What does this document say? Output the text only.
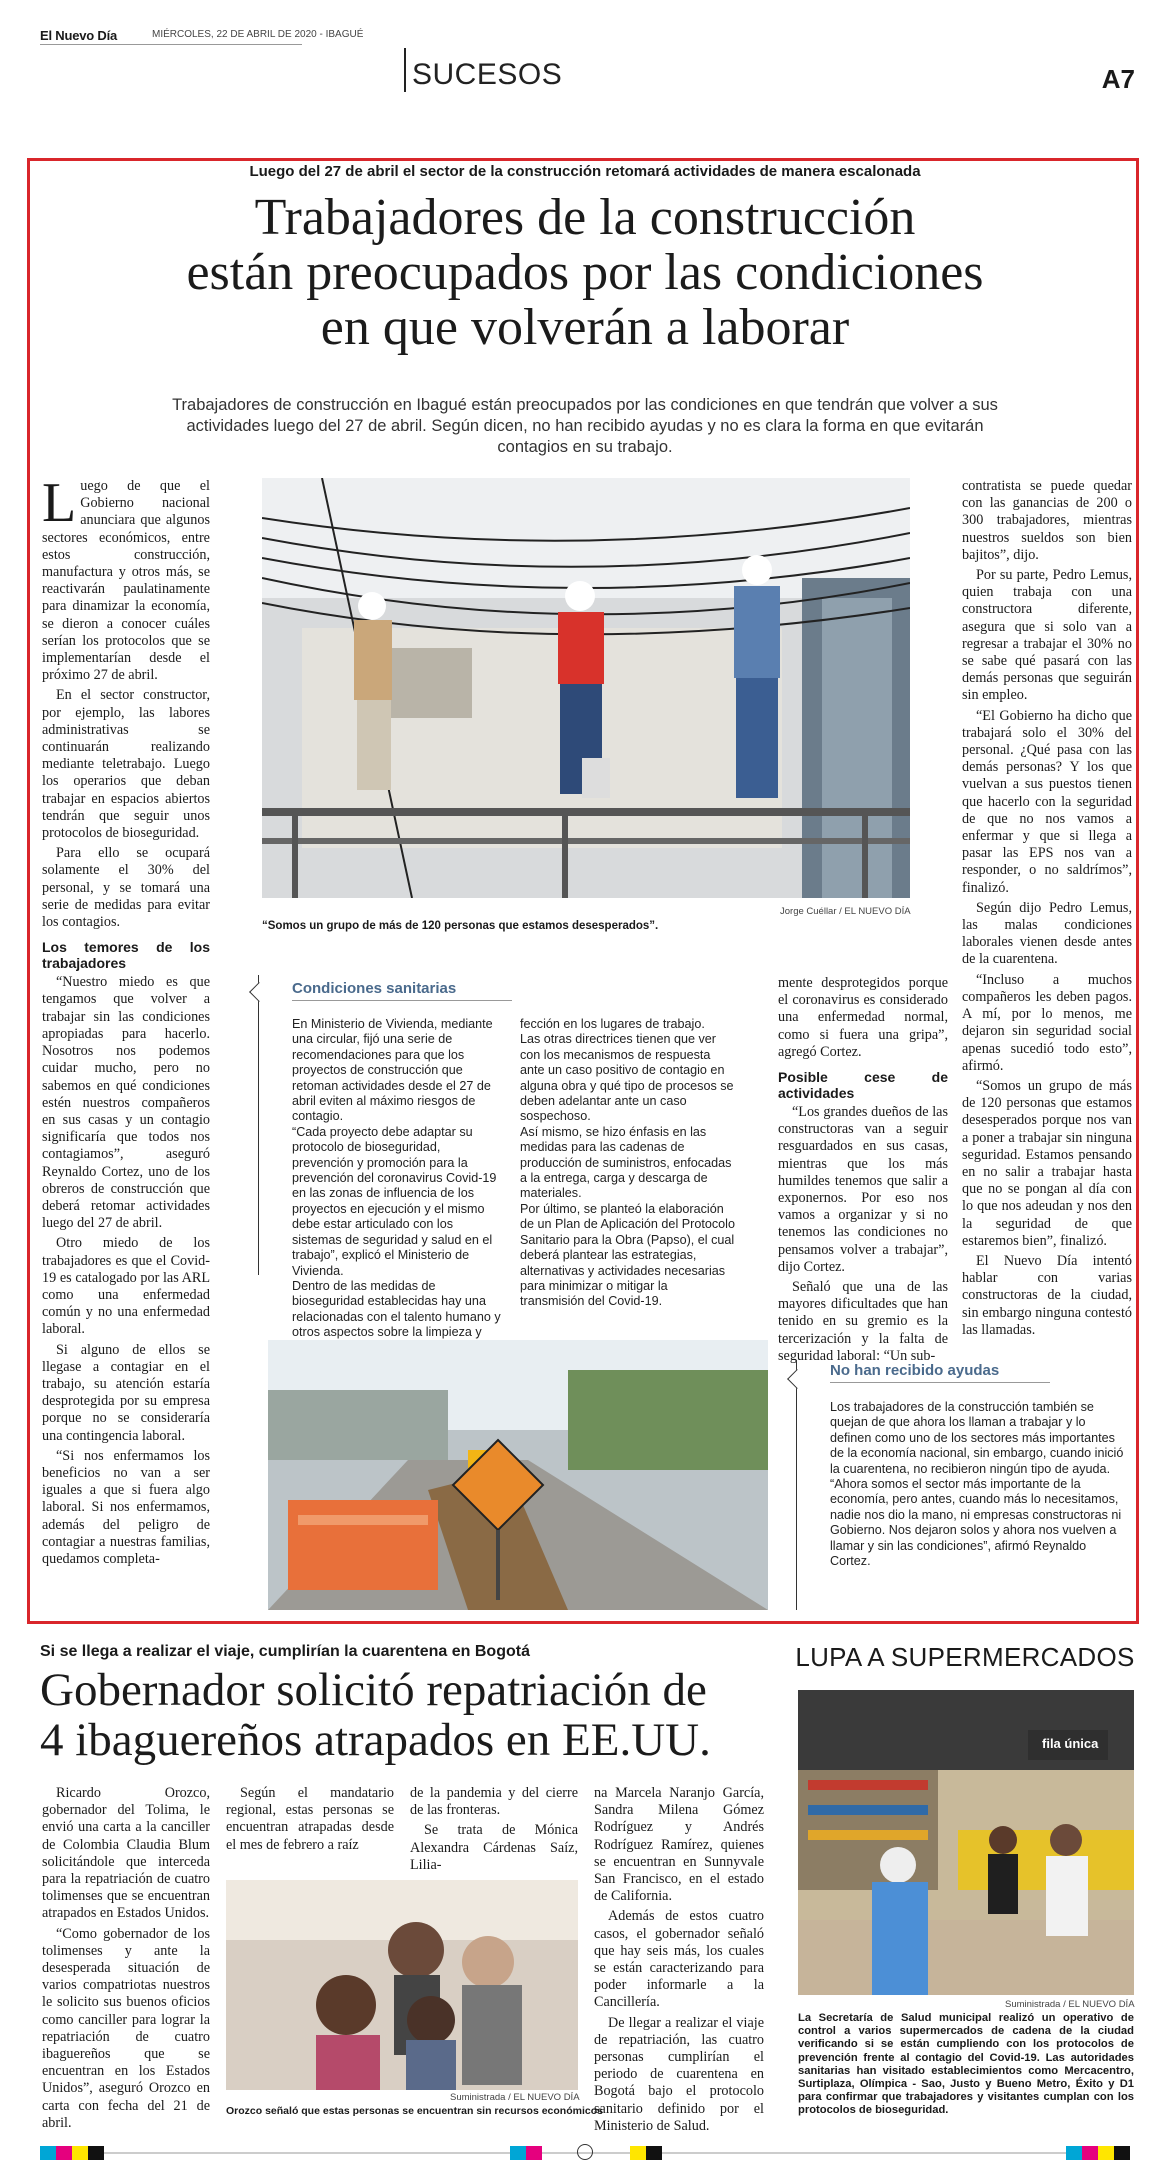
El Nuevo Día	MIÉRCOLES, 22 DE ABRIL DE 2020 - IBAGUÉ
SUCESOS	A7
Luego del 27 de abril el sector de la construcción retomará actividades de manera escalonada
Trabajadores de la construcción
están preocupados por las condiciones
en que volverán a laborar
Trabajadores de construcción en Ibagué están preocupados por las condiciones en que tendrán que volver a sus actividades luego del 27 de abril. Según dicen, no han recibido ayudas y no es clara la forma en que evitarán contagios en su trabajo.

Luego de que el Gobierno nacional anunciara que algunos sectores económicos, entre estos construcción, manufactura y otros más, se reactivarán paulatinamente para dinamizar la economía, se dieron a conocer cuáles serían los protocolos que se implementarían desde el próximo 27 de abril.

En el sector constructor, por ejemplo, las labores administrativas se continuarán realizando mediante teletrabajo. Luego los operarios que deban trabajar en espacios abiertos tendrán que seguir unos protocolos de bioseguridad.

Para ello se ocupará solamente el 30% del personal, y se tomará una serie de medidas para evitar los contagios.

Los temores de los trabajadores

“Nuestro miedo es que tengamos que volver a trabajar sin las condiciones apropiadas para hacerlo. Nosotros nos podemos cuidar mucho, pero no sabemos en qué condiciones estén nuestros compañeros en sus casas y un contagio significaría que todos nos contagiamos”, aseguró Reynaldo Cortez, uno de los obreros de construcción que deberá retomar actividades luego del 27 de abril.

Otro miedo de los trabajadores es que el Covid-19 es catalogado por las ARL como una enfermedad común y no una enfermedad laboral.

Si alguno de ellos se llegase a contagiar en el trabajo, su atención estaría desprotegida por su empresa porque no se consideraría una contingencia laboral.

“Si nos enfermamos los beneficios no van a ser iguales a que si fuera algo laboral. Si nos enfermamos, además del peligro de contagiar a nuestras familias, quedamos completa-

Jorge Cuéllar / EL NUEVO DÍA
“Somos un grupo de más de 120 personas que estamos desesperados”.
Condiciones sanitarias

En Ministerio de Vivienda, mediante una circular, fijó una serie de recomendaciones para que los proyectos de construcción que retoman actividades desde el 27 de abril eviten al máximo riesgos de contagio.

“Cada proyecto debe adaptar su protocolo de bioseguridad, prevención y promoción para la prevención del coronavirus Covid-19 en las zonas de influencia de los proyectos en ejecución y el mismo debe estar articulado con los sistemas de seguridad y salud en el trabajo”, explicó el Ministerio de Vivienda.

Dentro de las medidas de bioseguridad establecidas hay una relacionadas con el talento humano y otros aspectos sobre la limpieza y

fección en los lugares de trabajo.

Las otras directrices tienen que ver con los mecanismos de respuesta ante un caso positivo de contagio en alguna obra y qué tipo de procesos se deben adelantar ante un caso sospechoso.

Así mismo, se hizo énfasis en las medidas para las cadenas de producción de suministros, enfocadas a la entrega, carga y descarga de materiales.

Por último, se planteó la elaboración de un Plan de Aplicación del Protocolo Sanitario para la Obra (Papso), el cual deberá plantear las estrategias, alternativas y actividades necesarias para minimizar o mitigar la transmisión del Covid-19.

mente desprotegidos porque el coronavirus es considerado una enfermedad normal, como si fuera una gripa”, agregó Cortez.

Posible cese de actividades

“Los grandes dueños de las constructoras van a seguir resguardados en sus casas, mientras que los más humildes tenemos que salir a exponernos. Por eso nos vamos a organizar y si no tenemos las condiciones no pensamos volver a trabajar”, dijo Cortez.

Señaló que una de las mayores dificultades que han tenido en su gremio es la tercerización y la falta de seguridad laboral: “Un sub-

contratista se puede quedar con las ganancias de 200 o 300 trabajadores, mientras nuestros sueldos son bien bajitos”, dijo.

Por su parte, Pedro Lemus, quien trabaja con una constructora diferente, asegura que si solo van a regresar a trabajar el 30% no se sabe qué pasará con las demás personas que seguirán sin empleo.

“El Gobierno ha dicho que trabajará solo el 30% del personal. ¿Qué pasa con las demás personas? Y los que vuelvan a sus puestos tienen que hacerlo con la seguridad de que no nos vamos a enfermar y que si llega a pasar las EPS nos van a responder, o no saldrímos”, finalizó.

Según dijo Pedro Lemus, las malas condiciones laborales vienen desde antes de la cuarentena.

“Incluso a muchos compañeros les deben pagos. A mí, por lo menos, me dejaron sin seguridad social apenas sucedió todo esto”, afirmó.

“Somos un grupo de más de 120 personas que estamos desesperados porque nos van a poner a trabajar sin ninguna seguridad. Estamos pensando en no salir a trabajar hasta que no se pongan al día con lo que nos adeudan y nos den la seguridad de que estaremos bien”, finalizó.

El Nuevo Día intentó hablar con varias constructoras de la ciudad, sin embargo ninguna contestó las llamadas.

No han recibido ayudas

Los trabajadores de la construcción también se quejan de que ahora los llaman a trabajar y lo definen como uno de los sectores más importantes de la economía nacional, sin embargo, cuando inició la cuarentena, no recibieron ningún tipo de ayuda.

“Ahora somos el sector más importante de la economía, pero antes, cuando más lo necesitamos, nadie nos dio la mano, ni empresas constructoras ni Gobierno. Nos dejaron solos y ahora nos vuelven a llamar y sin las condiciones”, afirmó Reynaldo Cortez.

Si se llega a realizar el viaje, cumplirían la cuarentena en Bogotá
Gobernador solicitó repatriación de
4 ibaguereños atrapados en EE.UU.

Ricardo Orozco, gobernador del Tolima, le envió una carta a la canciller de Colombia Claudia Blum solicitándole que interceda para la repatriación de cuatro tolimenses que se encuentran atrapados en Estados Unidos.

“Como gobernador de los tolimenses y ante la desesperada situación de varios compatriotas nuestros le solicito sus buenos oficios como canciller para lograr la repatriación de cuatro ibaguereños que se encuentran en los Estados Unidos”, aseguró Orozco en carta con fecha del 21 de abril.

Según el mandatario regional, estas personas se encuentran atrapadas desde el mes de febrero a raíz

de la pandemia y del cierre de las fronteras.

Se trata de Mónica Alexandra Cárdenas Saíz, Lilia-

Suministrada / EL NUEVO DÍA
Orozco señaló que estas personas se encuentran sin recursos económicos

na Marcela Naranjo García, Sandra Milena Gómez Rodríguez y Andrés Rodríguez Ramírez, quienes se encuentran en Sunnyvale San Francisco, en el estado de California.

Además de estos cuatro casos, el gobernador señaló que hay seis más, los cuales se están caracterizando para poder informarle a la Cancillería.

De llegar a realizar el viaje de repatriación, las cuatro personas cumplirían el periodo de cuarentena en Bogotá bajo el protocolo sanitario definido por el Ministerio de Salud.

LUPA A SUPERMERCADOS
fila única
Suministrada / EL NUEVO DÍA
La Secretaría de Salud municipal realizó un operativo de control a varios supermercados de cadena de la ciudad verificando si se están cumpliendo con los protocolos de prevención frente al contagio del Covid-19. Las autoridades sanitarias han visitado establecimientos como Mercacentro, Surtiplaza, Olímpica - Sao, Justo y Bueno Metro, Éxito y D1 para confirmar que trabajadores y visitantes cumplan con los protocolos de bioseguridad.
